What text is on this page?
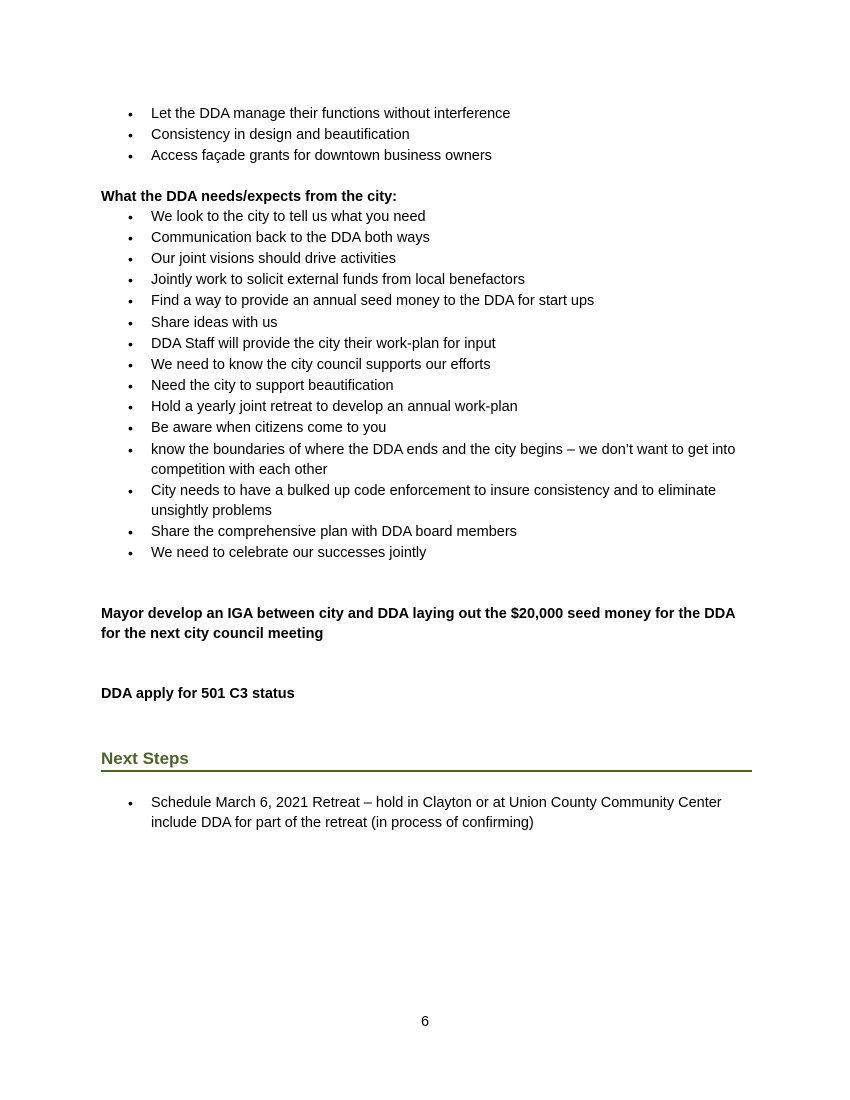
• Let the DDA manage their functions without interference
• Consistency in design and beautification
• Access façade grants for downtown business owners
What the DDA needs/expects from the city:
• We look to the city to tell us what you need
• Communication back to the DDA both ways
• Our joint visions should drive activities
• Jointly work to solicit external funds from local benefactors
• Find a way to provide an annual seed money to the DDA for start ups
• Share ideas with us
• DDA Staff will provide the city their work-plan for input
• We need to know the city council supports our efforts
• Need the city to support beautification
• Hold a yearly joint retreat to develop an annual work-plan
• Be aware when citizens come to you
• know the boundaries of where the DDA ends and the city begins – we don’t want to get into competition with each other
• City needs to have a bulked up code enforcement to insure consistency and to eliminate unsightly problems
• Share the comprehensive plan with DDA board members
• We need to celebrate our successes jointly
Mayor develop an IGA between city and DDA laying out the $20,000 seed money for the DDA for the next city council meeting
DDA apply for 501 C3 status
Next Steps
• Schedule March 6, 2021 Retreat – hold in Clayton or at Union County Community Center include DDA for part of the retreat (in process of confirming)
6
